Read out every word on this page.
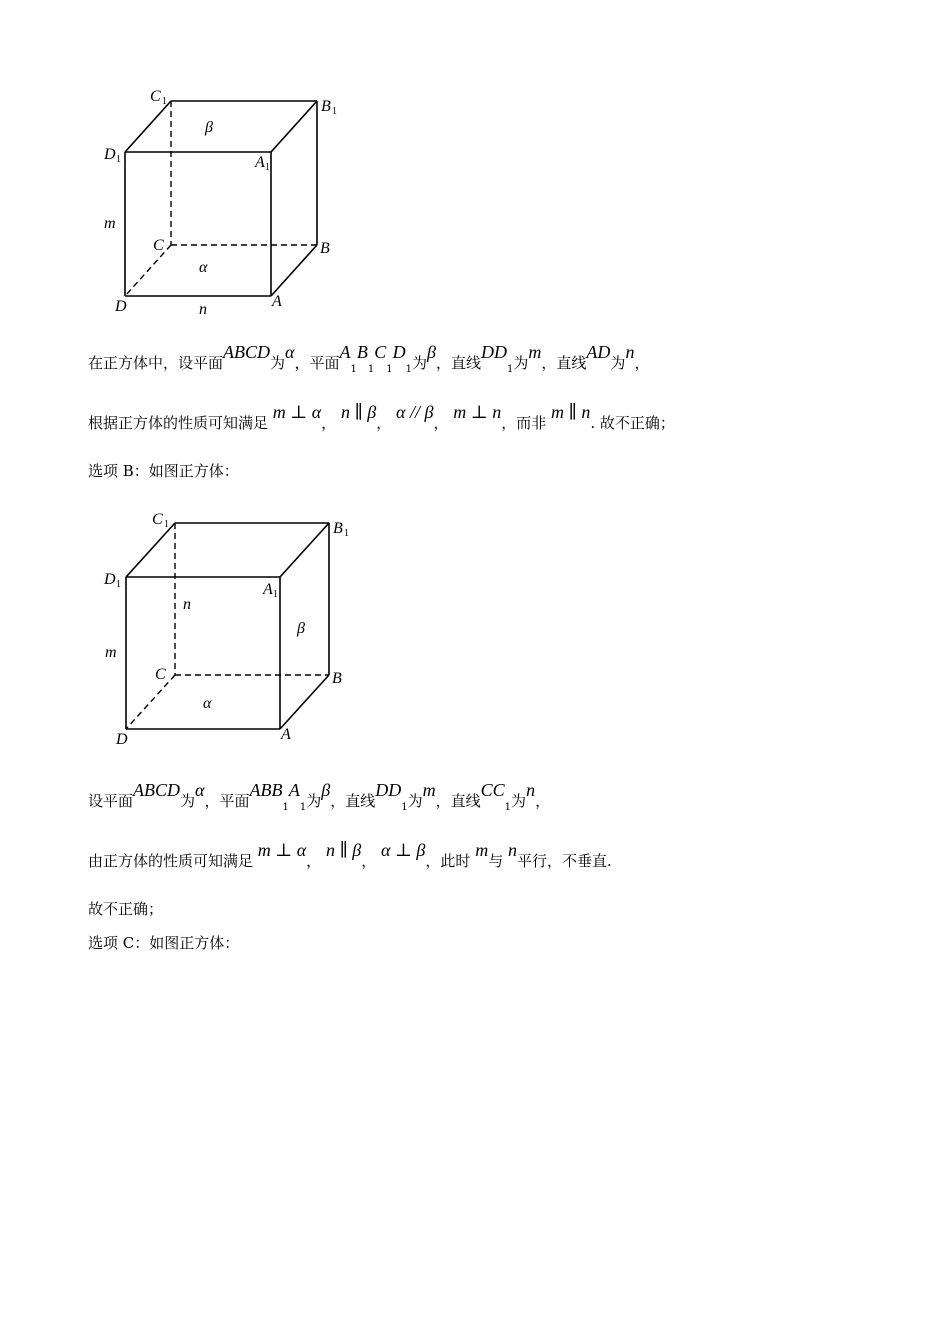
C 1	B 1
D 1	A 1
β
m
C	B
α
D	A
n
在正方体中，设平面ABCD为α，平面$A_1B_1C_1D_1$为β，直线$DD_1$为m，直线AD为n，
根据正方体的性质可知满足 m ⊥ α， n ∥ β， α // β， m ⊥ n，而非 m ∥ n. 故不正确；
选项 B：如图正方体：
C 1	B 1
D 1	A 1
n
β
m
C	B
α
D	A
设平面ABCD为α，平面$ABB_1A_1$为β，直线$DD_1$为m，直线$CC_1$为n，
由正方体的性质可知满足 m ⊥ α， n ∥ β， α ⊥ β，此时 m与 n平行，不垂直.
故不正确；
选项 C：如图正方体：
